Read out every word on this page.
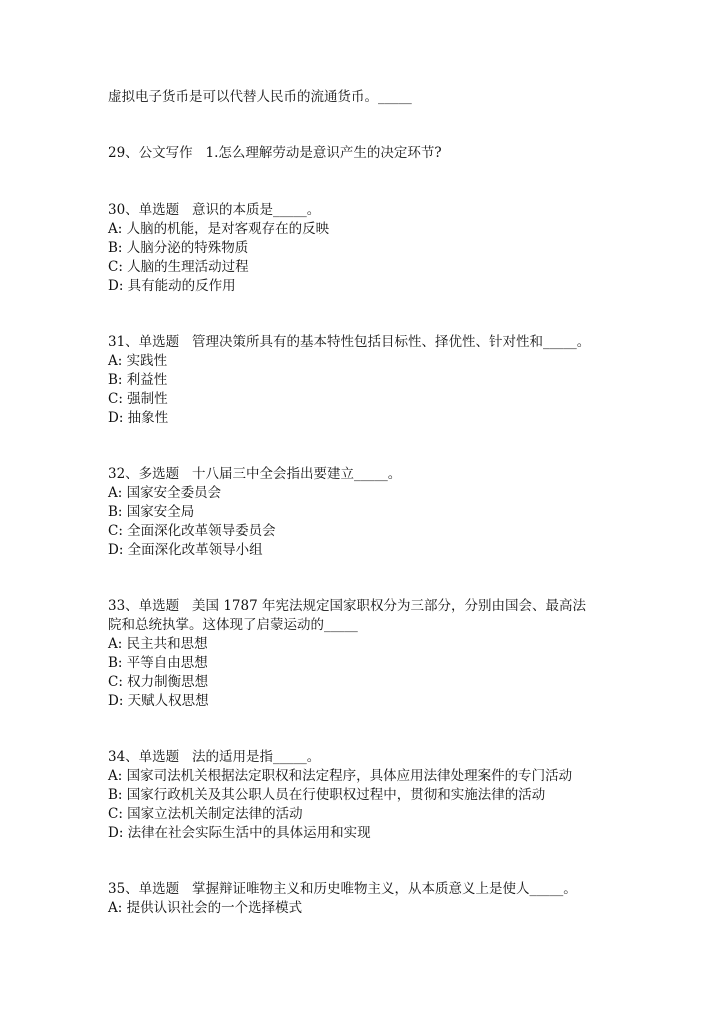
虚拟电子货币是可以代替人民币的流通货币。_____
29、公文写作   1.怎么理解劳动是意识产生的决定环节?
30、单选题   意识的本质是_____。
A: 人脑的机能，是对客观存在的反映
B: 人脑分泌的特殊物质
C: 人脑的生理活动过程
D: 具有能动的反作用
31、单选题   管理决策所具有的基本特性包括目标性、择优性、针对性和_____。
A: 实践性
B: 利益性
C: 强制性
D: 抽象性
32、多选题   十八届三中全会指出要建立_____。
A: 国家安全委员会
B: 国家安全局
C: 全面深化改革领导委员会
D: 全面深化改革领导小组
33、单选题   美国 1787 年宪法规定国家职权分为三部分，分别由国会、最高法
院和总统执掌。这体现了启蒙运动的_____
A: 民主共和思想
B: 平等自由思想
C: 权力制衡思想
D: 天赋人权思想
34、单选题   法的适用是指_____。
A: 国家司法机关根据法定职权和法定程序，具体应用法律处理案件的专门活动
B: 国家行政机关及其公职人员在行使职权过程中，贯彻和实施法律的活动
C: 国家立法机关制定法律的活动
D: 法律在社会实际生活中的具体运用和实现
35、单选题   掌握辩证唯物主义和历史唯物主义，从本质意义上是使人_____。
A: 提供认识社会的一个选择模式
